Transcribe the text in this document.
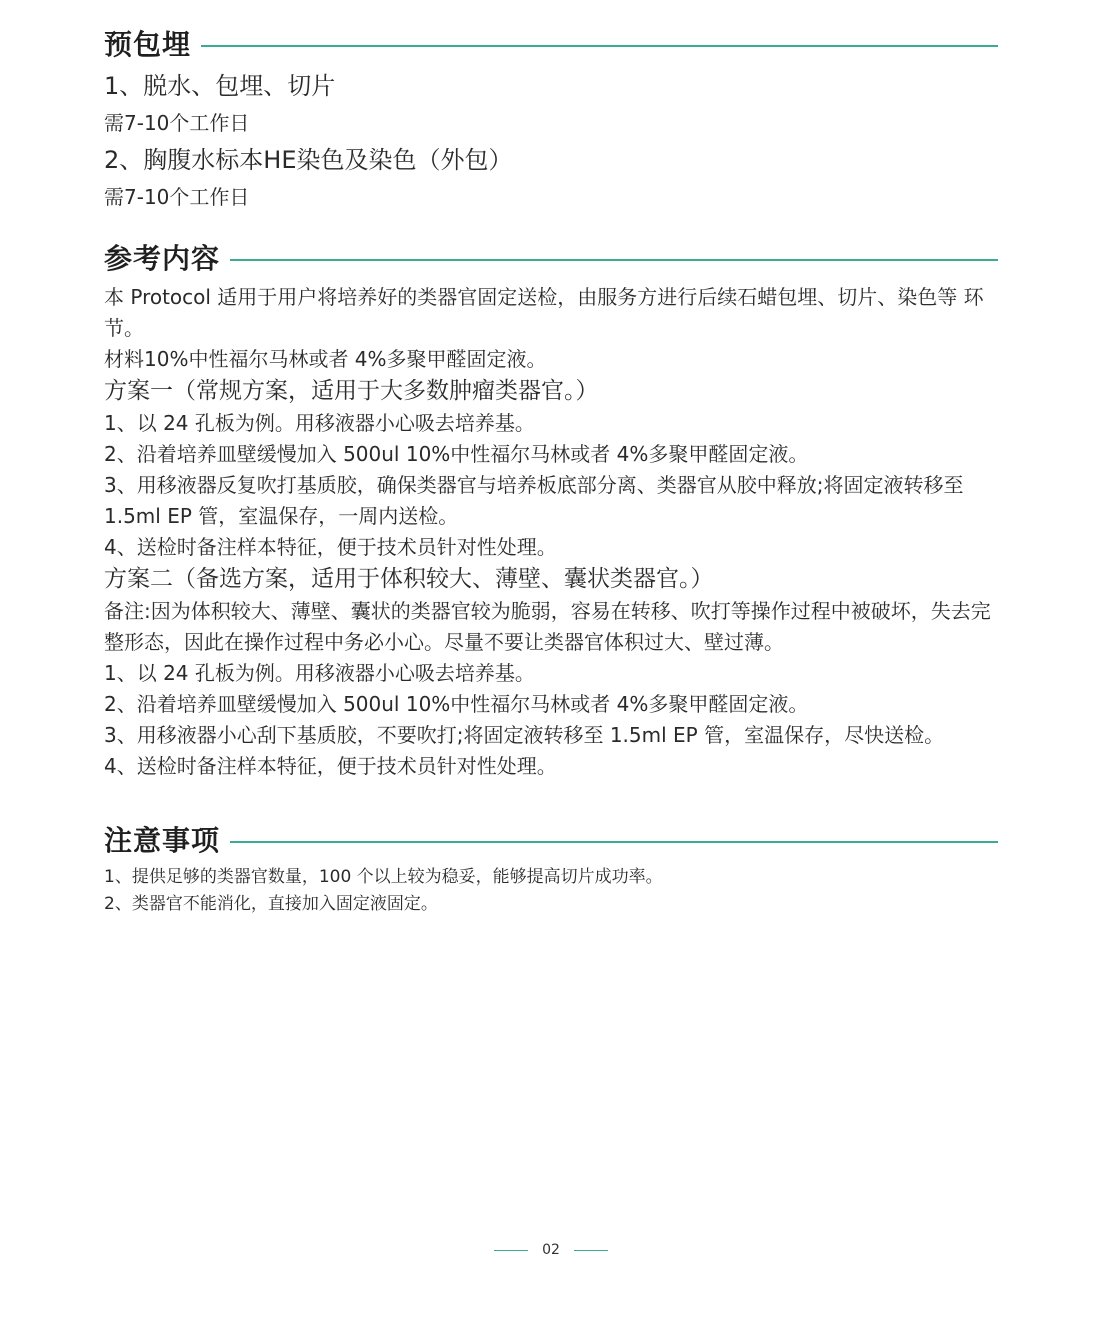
预包埋
1、脱水、包埋、切片
需7-10个工作日
2、胸腹水标本HE染色及染色（外包）
需7-10个工作日
参考内容
本 Protocol 适用于用户将培养好的类器官固定送检，由服务方进行后续石蜡包埋、切片、染色等 环节。
材料10%中性福尔马林或者 4%多聚甲醛固定液。
方案一（常规方案，适用于大多数肿瘤类器官。）
1、以 24 孔板为例。用移液器小心吸去培养基。
2、沿着培养皿壁缓慢加入 500ul 10%中性福尔马林或者 4%多聚甲醛固定液。
3、用移液器反复吹打基质胶，确保类器官与培养板底部分离、类器官从胶中释放;将固定液转移至1.5ml EP 管，室温保存，一周内送检。
4、送检时备注样本特征，便于技术员针对性处理。
方案二（备选方案，适用于体积较大、薄壁、囊状类器官。）
备注:因为体积较大、薄壁、囊状的类器官较为脆弱，容易在转移、吹打等操作过程中被破坏，失去完整形态，因此在操作过程中务必小心。尽量不要让类器官体积过大、壁过薄。
1、以 24 孔板为例。用移液器小心吸去培养基。
2、沿着培养皿壁缓慢加入 500ul 10%中性福尔马林或者 4%多聚甲醛固定液。
3、用移液器小心刮下基质胶，不要吹打;将固定液转移至 1.5ml EP 管，室温保存，尽快送检。
4、送检时备注样本特征，便于技术员针对性处理。
注意事项
1、提供足够的类器官数量，100 个以上较为稳妥，能够提高切片成功率。
2、类器官不能消化，直接加入固定液固定。
02
